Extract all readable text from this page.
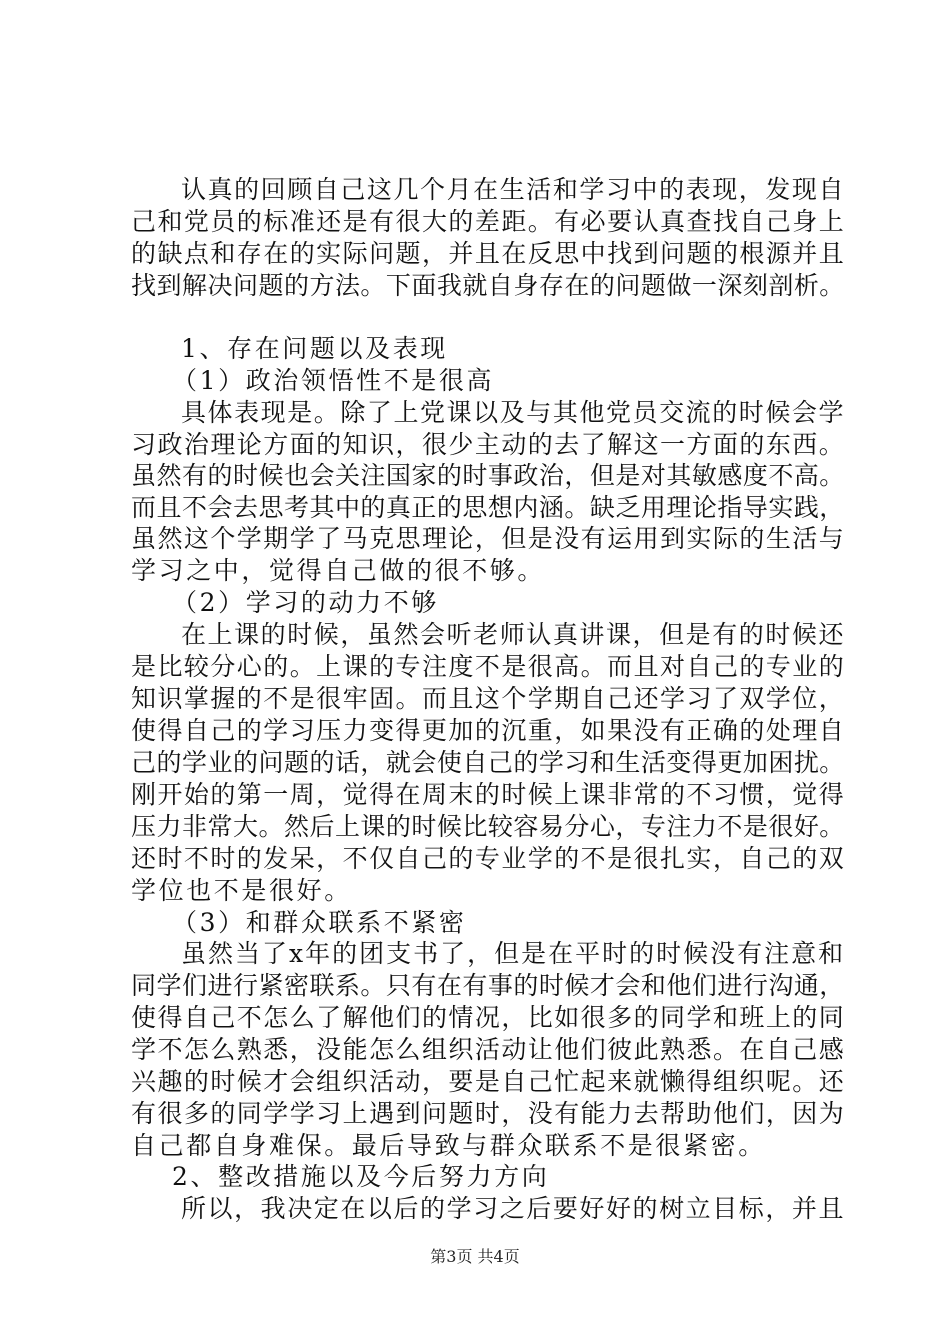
认真的回顾自己这几个月在生活和学习中的表现，发现自
己和党员的标准还是有很大的差距。有必要认真查找自己身上
的缺点和存在的实际问题，并且在反思中找到问题的根源并且
找到解决问题的方法。下面我就自身存在的问题做一深刻剖析。
1、存在问题以及表现
（1）政治领悟性不是很高
具体表现是。除了上党课以及与其他党员交流的时候会学
习政治理论方面的知识，很少主动的去了解这一方面的东西。
虽然有的时候也会关注国家的时事政治，但是对其敏感度不高。
而且不会去思考其中的真正的思想内涵。缺乏用理论指导实践，
虽然这个学期学了马克思理论，但是没有运用到实际的生活与
学习之中，觉得自己做的很不够。
（2）学习的动力不够
在上课的时候，虽然会听老师认真讲课，但是有的时候还
是比较分心的。上课的专注度不是很高。而且对自己的专业的
知识掌握的不是很牢固。而且这个学期自己还学习了双学位，
使得自己的学习压力变得更加的沉重，如果没有正确的处理自
己的学业的问题的话，就会使自己的学习和生活变得更加困扰。
刚开始的第一周，觉得在周末的时候上课非常的不习惯，觉得
压力非常大。然后上课的时候比较容易分心，专注力不是很好。
还时不时的发呆，不仅自己的专业学的不是很扎实，自己的双
学位也不是很好。
（3）和群众联系不紧密
虽然当了x年的团支书了，但是在平时的时候没有注意和
同学们进行紧密联系。只有在有事的时候才会和他们进行沟通，
使得自己不怎么了解他们的情况，比如很多的同学和班上的同
学不怎么熟悉，没能怎么组织活动让他们彼此熟悉。在自己感
兴趣的时候才会组织活动，要是自己忙起来就懒得组织呢。还
有很多的同学学习上遇到问题时，没有能力去帮助他们，因为
自己都自身难保。最后导致与群众联系不是很紧密。
2、整改措施以及今后努力方向
所以，我决定在以后的学习之后要好好的树立目标，并且
第3页 共4页
